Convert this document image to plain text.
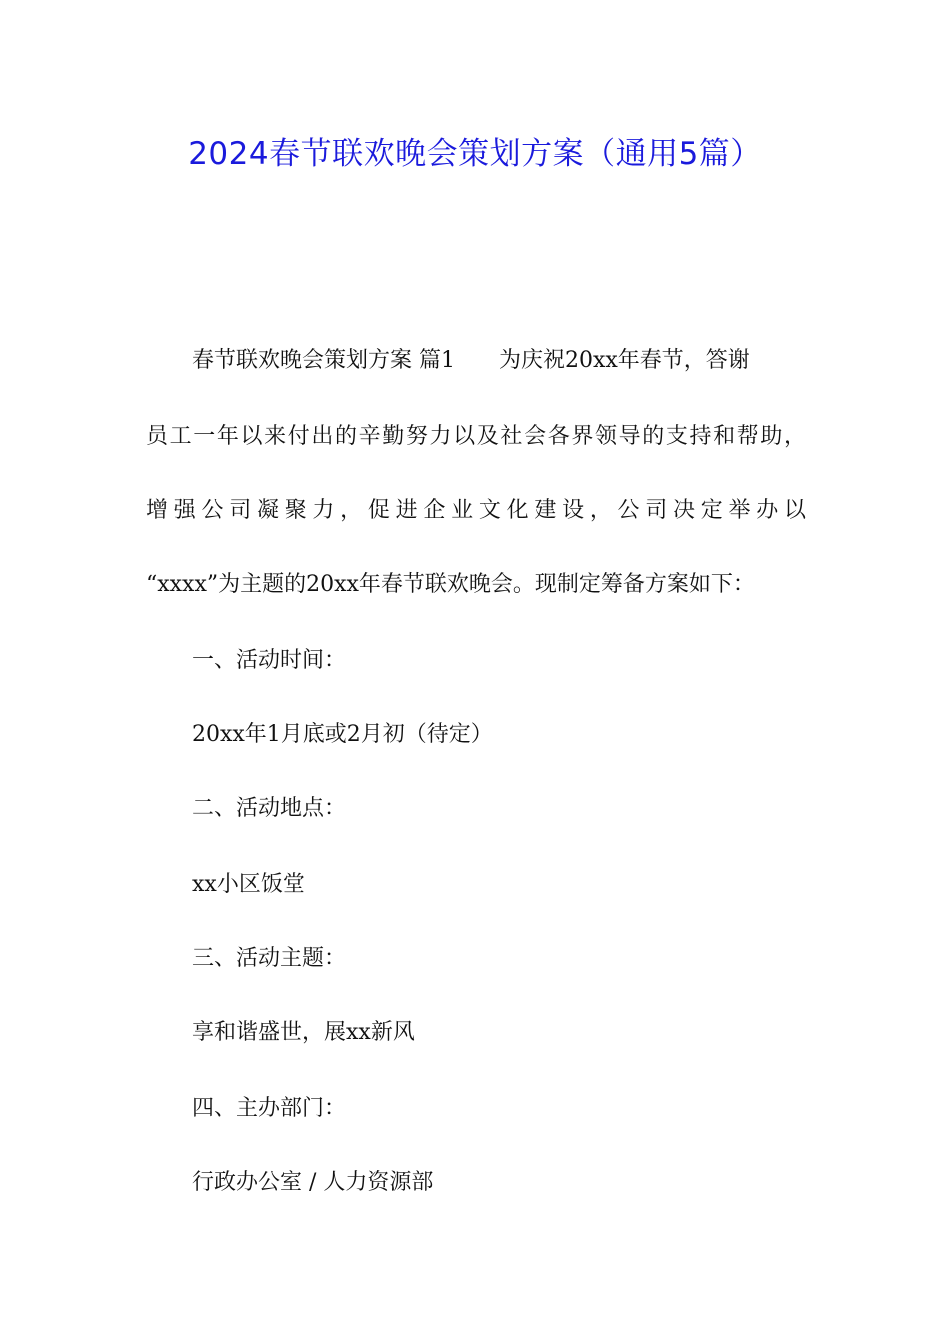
2024春节联欢晚会策划方案（通用5篇）
春节联欢晚会策划方案 篇1 为庆祝20xx年春节，答谢
员工一年以来付出的辛勤努力以及社会各界领导的支持和帮助，
增强公司凝聚力，促进企业文化建设，公司决定举办以
“xxxx”为主题的20xx年春节联欢晚会。现制定筹备方案如下：
一、活动时间：
20xx年1月底或2月初（待定）
二、活动地点：
xx小区饭堂
三、活动主题：
享和谐盛世，展xx新风
四、主办部门：
行政办公室 / 人力资源部
